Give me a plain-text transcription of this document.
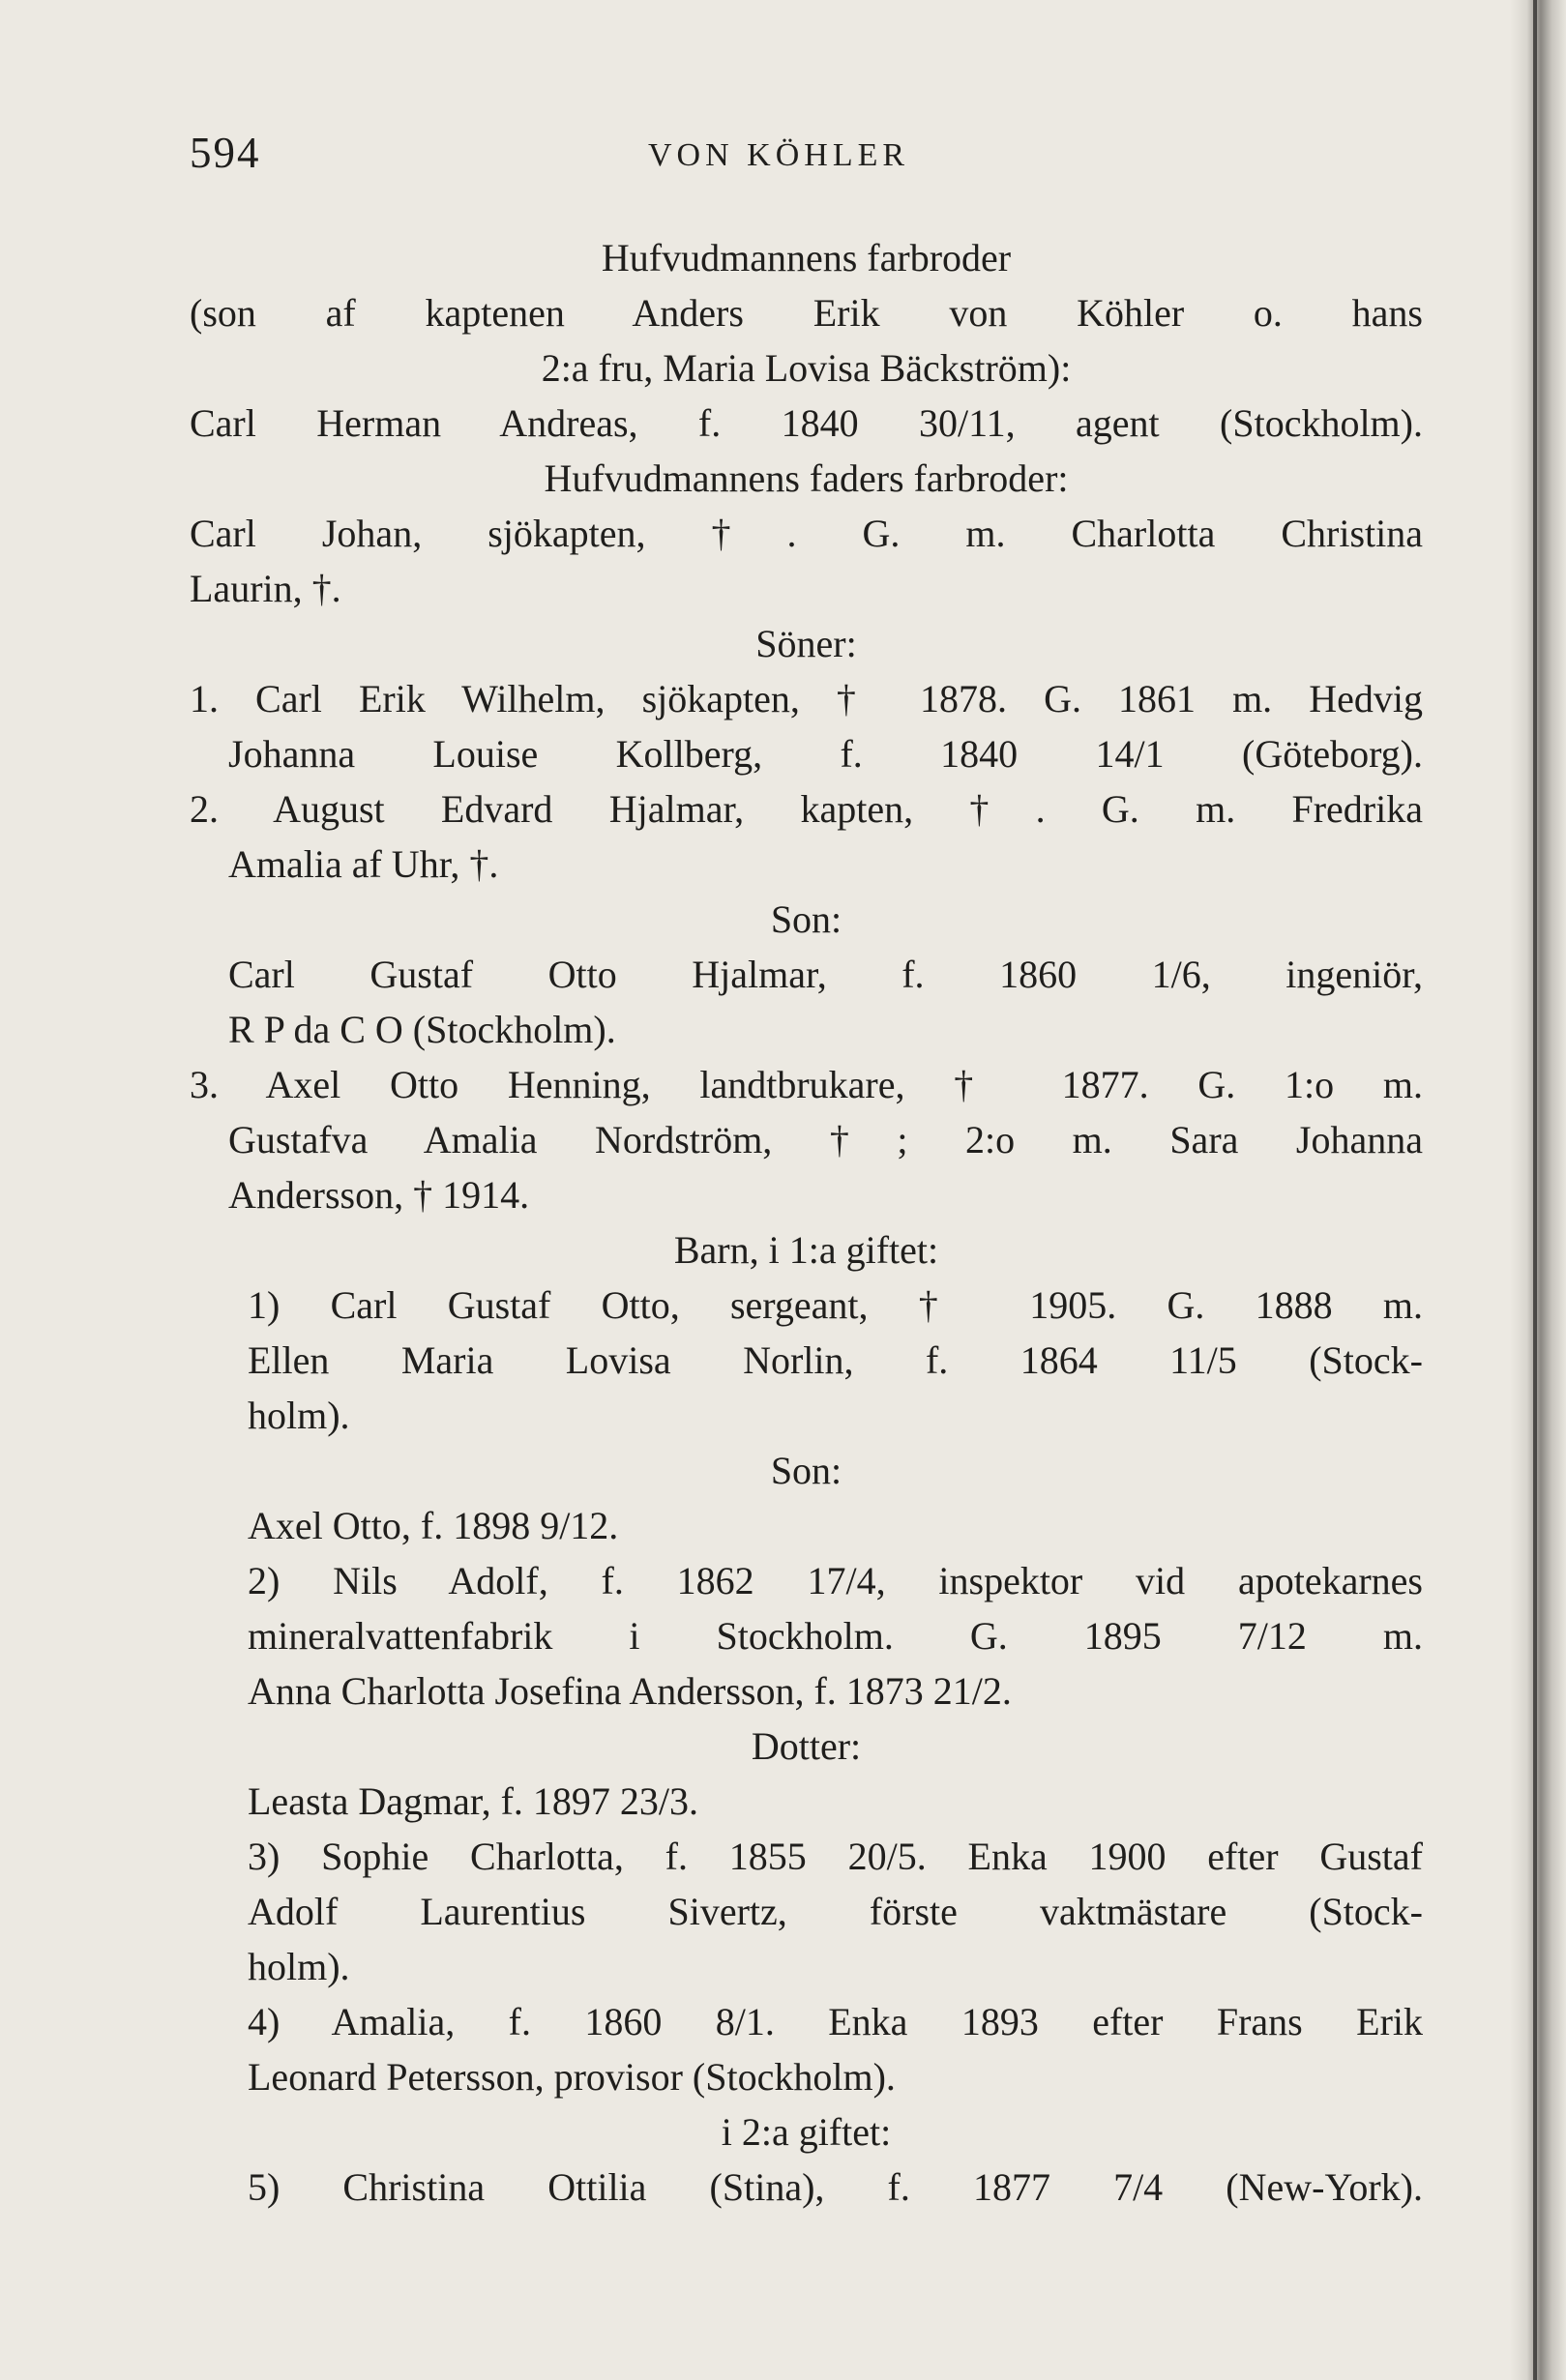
594	VON KÖHLER
Hufvudmannens farbroder
(son af kaptenen Anders Erik von Köhler o. hans
2:a fru, Maria Lovisa Bäckström):
Carl Herman Andreas, f. 1840 30/11, agent (Stockholm).
Hufvudmannens faders farbroder:
Carl Johan, sjökapten, †. G. m. Charlotta Christina
Laurin, †.
Söner:
1. Carl Erik Wilhelm, sjökapten, † 1878. G. 1861 m. Hedvig
Johanna Louise Kollberg, f. 1840 14/1 (Göteborg).
2. August Edvard Hjalmar, kapten, †. G. m. Fredrika
Amalia af Uhr, †.
Son:
Carl Gustaf Otto Hjalmar, f. 1860 1/6, ingeniör,
R P da C O (Stockholm).
3. Axel Otto Henning, landtbrukare, † 1877. G. 1:o m.
Gustafva Amalia Nordström, †; 2:o m. Sara Johanna
Andersson, † 1914.
Barn, i 1:a giftet:
1) Carl Gustaf Otto, sergeant, † 1905. G. 1888 m.
Ellen Maria Lovisa Norlin, f. 1864 11/5 (Stock-
holm).
Son:
Axel Otto, f. 1898 9/12.
2) Nils Adolf, f. 1862 17/4, inspektor vid apotekarnes
mineralvattenfabrik i Stockholm. G. 1895 7/12 m.
Anna Charlotta Josefina Andersson, f. 1873 21/2.
Dotter:
Leasta Dagmar, f. 1897 23/3.
3) Sophie Charlotta, f. 1855 20/5. Enka 1900 efter Gustaf
Adolf Laurentius Sivertz, förste vaktmästare (Stock-
holm).
4) Amalia, f. 1860 8/1. Enka 1893 efter Frans Erik
Leonard Petersson, provisor (Stockholm).
i 2:a giftet:
5) Christina Ottilia (Stina), f. 1877 7/4 (New-York).
